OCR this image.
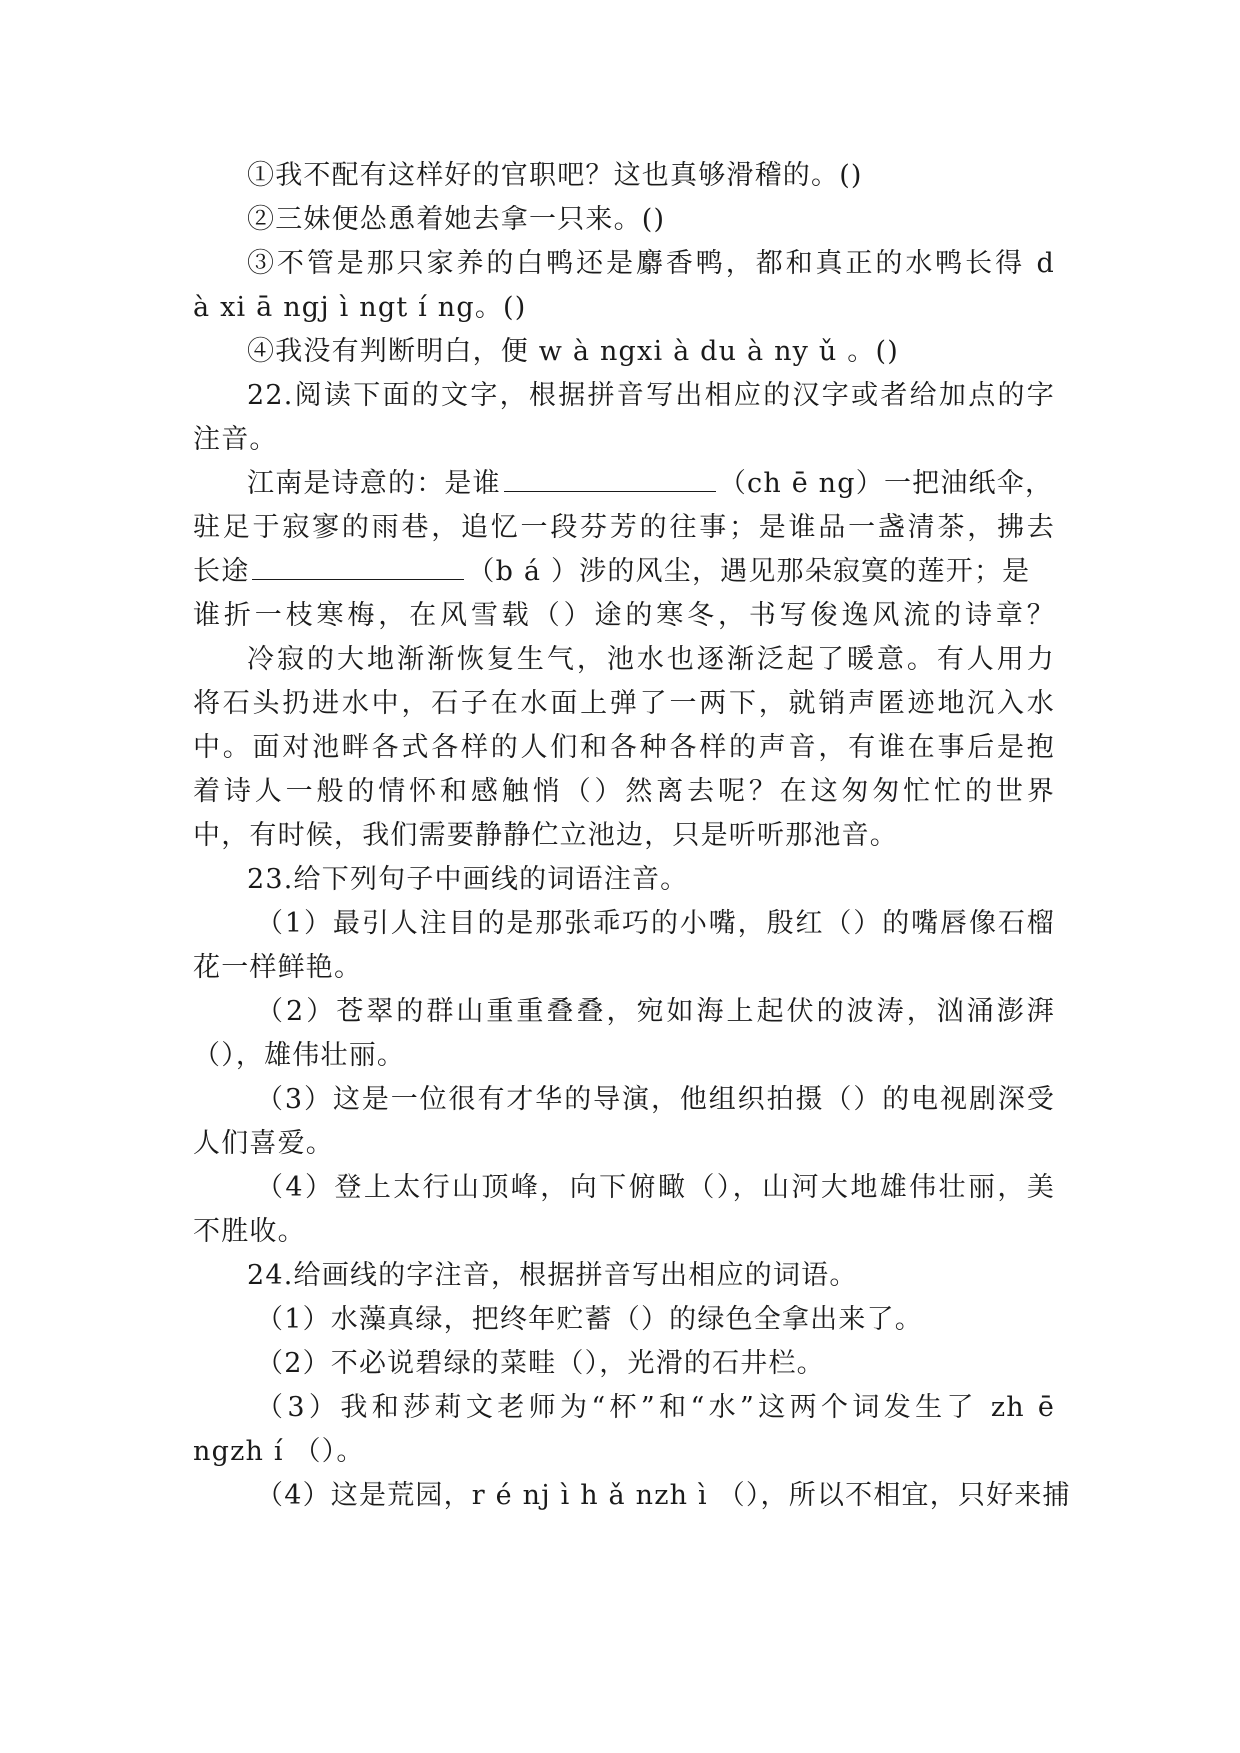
①我不配有这样好的官职吧？这也真够滑稽的。()
②三妹便怂恿着她去拿一只来。()
③不管是那只家养的白鸭还是麝香鸭，都和真正的水鸭长得 d
à xi ā ngj ì ngt í ng。()
④我没有判断明白，便 w à ngxi à du à ny ǔ 。()
22.阅读下面的文字，根据拼音写出相应的汉字或者给加点的字
注音。
江南是诗意的：是谁	（ch ē ng）一把油纸伞，
驻足于寂寥的雨巷，追忆一段芬芳的往事；是谁品一盏清茶，拂去
长途	（b á ）涉的风尘，遇见那朵寂寞的莲开；是
谁折一枝寒梅，在风雪载（）途的寒冬，书写俊逸风流的诗章？
冷寂的大地渐渐恢复生气，池水也逐渐泛起了暖意。有人用力
将石头扔进水中，石子在水面上弹了一两下，就销声匿迹地沉入水
中。面对池畔各式各样的人们和各种各样的声音，有谁在事后是抱
着诗人一般的情怀和感触悄（）然离去呢？在这匆匆忙忙的世界
中，有时候，我们需要静静伫立池边，只是听听那池音。
23.给下列句子中画线的词语注音。
（1）最引人注目的是那张乖巧的小嘴，殷红（）的嘴唇像石榴
花一样鲜艳。
（2）苍翠的群山重重叠叠，宛如海上起伏的波涛，汹涌澎湃
（），雄伟壮丽。
（3）这是一位很有才华的导演，他组织拍摄（）的电视剧深受
人们喜爱。
（4）登上太行山顶峰，向下俯瞰（），山河大地雄伟壮丽，美
不胜收。
24.给画线的字注音，根据拼音写出相应的词语。
（1）水藻真绿，把终年贮蓄（）的绿色全拿出来了。
（2）不必说碧绿的菜畦（），光滑的石井栏。
（3）我和莎莉文老师为“杯”和“水”这两个词发生了 zh ē
ngzh í （）。
（4）这是荒园，r é nj ì h ǎ nzh ì （），所以不相宜，只好来捕
